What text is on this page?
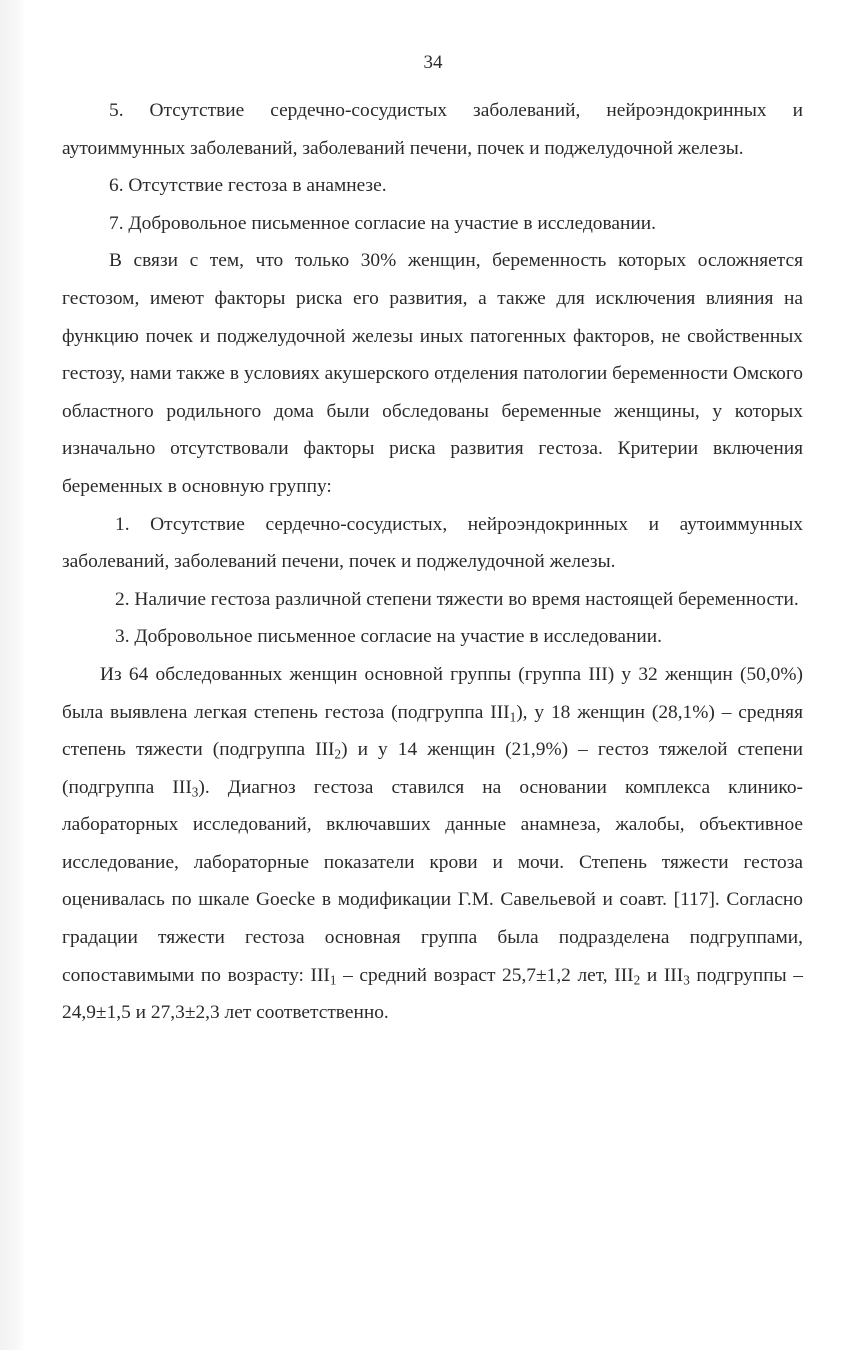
34

5. Отсутствие сердечно-сосудистых заболеваний, нейроэндокринных и аутоиммунных заболеваний, заболеваний печени, почек и поджелудочной железы.

6. Отсутствие гестоза в анамнезе.

7. Добровольное письменное согласие на участие в исследовании.

В связи с тем, что только 30% женщин, беременность которых осложняется гестозом, имеют факторы риска его развития, а также для исключения влияния на функцию почек и поджелудочной железы иных патогенных факторов, не свойственных гестозу, нами также в условиях акушерского отделения патологии беременности Омского областного родильного дома были обследованы беременные женщины, у которых изначально отсутствовали факторы риска развития гестоза. Критерии включения беременных в основную группу:

1. Отсутствие сердечно-сосудистых, нейроэндокринных и аутоиммунных заболеваний, заболеваний печени, почек и поджелудочной железы.

2. Наличие гестоза различной степени тяжести во время настоящей беременности.

3. Добровольное письменное согласие на участие в исследовании.

Из 64 обследованных женщин основной группы (группа III) у 32 женщин (50,0%) была выявлена легкая степень гестоза (подгруппа $III_1$), у 18 женщин (28,1%) – средняя степень тяжести (подгруппа $III_2$) и у 14 женщин (21,9%) – гестоз тяжелой степени (подгруппа $III_3$). Диагноз гестоза ставился на основании комплекса клинико-лабораторных исследований, включавших данные анамнеза, жалобы, объективное исследование, лабораторные показатели крови и мочи. Степень тяжести гестоза оценивалась по шкале Goecke в модификации Г.М. Савельевой и соавт. [117]. Согласно градации тяжести гестоза основная группа была подразделена подгруппами, сопоставимыми по возрасту: $III_1$ – средний возраст 25,7±1,2 лет, $III_2$ и $III_3$ подгруппы – 24,9±1,5 и 27,3±2,3 лет соответственно.
